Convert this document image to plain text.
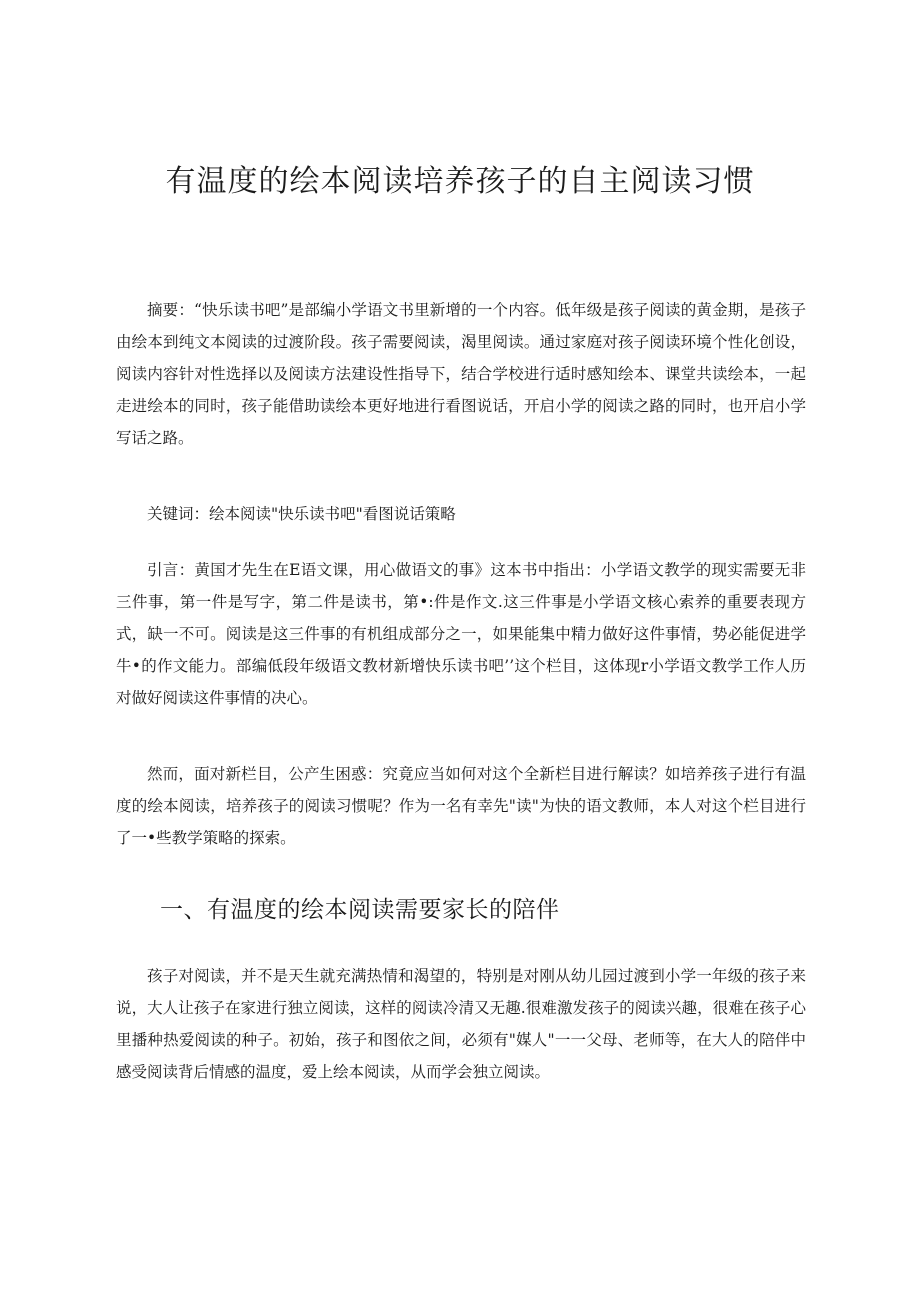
有温度的绘本阅读培养孩子的自主阅读习惯

摘要：“快乐读书吧”是部编小学语文书里新增的一个内容。低年级是孩子阅读的黄金期，是孩子由绘本到纯文本阅读的过渡阶段。孩子需要阅读，渴里阅读。通过家庭对孩子阅读环境个性化创设，阅读内容针对性选择以及阅读方法建设性指导下，结合学校进行适时感知绘本、课堂共读绘本，一起走进绘本的同时，孩子能借助读绘本更好地进行看图说话，开启小学的阅读之路的同时，也开启小学写话之路。

关键词：绘本阅读"快乐读书吧"看图说话策略

引言：黄国才先生在E语文课，用心做语文的事》这本书中指出：小学语文教学的现实需要无非三件事，第一件是写字，第二件是读书，第•:件是作文.这三件事是小学语文核心索养的重要表现方式，缺一不可。阅读是这三件事的有机组成部分之一，如果能集中精力做好这件事情，势必能促进学牛•的作文能力。部编低段年级语文教材新增快乐读书吧’’这个栏目，这体现r小学语文教学工作人历对做好阅读这件事情的决心。

然而，面对新栏目，公产生困惑：究竟应当如何对这个全新栏目进行解读？如培养孩子进行有温度的绘本阅读，培养孩子的阅读习惯呢？作为一名有幸先"读"为快的语文教师，本人对这个栏目进行了一•些教学策略的探索。

一、有温度的绘本阅读需要家长的陪伴

孩子对阅读，并不是天生就充满热情和渴望的，特别是对刚从幼儿园过渡到小学一年级的孩子来说，大人让孩子在家进行独立阅读，这样的阅读冷清又无趣.很难激发孩子的阅读兴趣，很难在孩子心里播种热爱阅读的种子。初始，孩子和图依之间，必须有"媒人"一一父母、老师等，在大人的陪伴中感受阅读背后情感的温度，爱上绘本阅读，从而学会独立阅读。
